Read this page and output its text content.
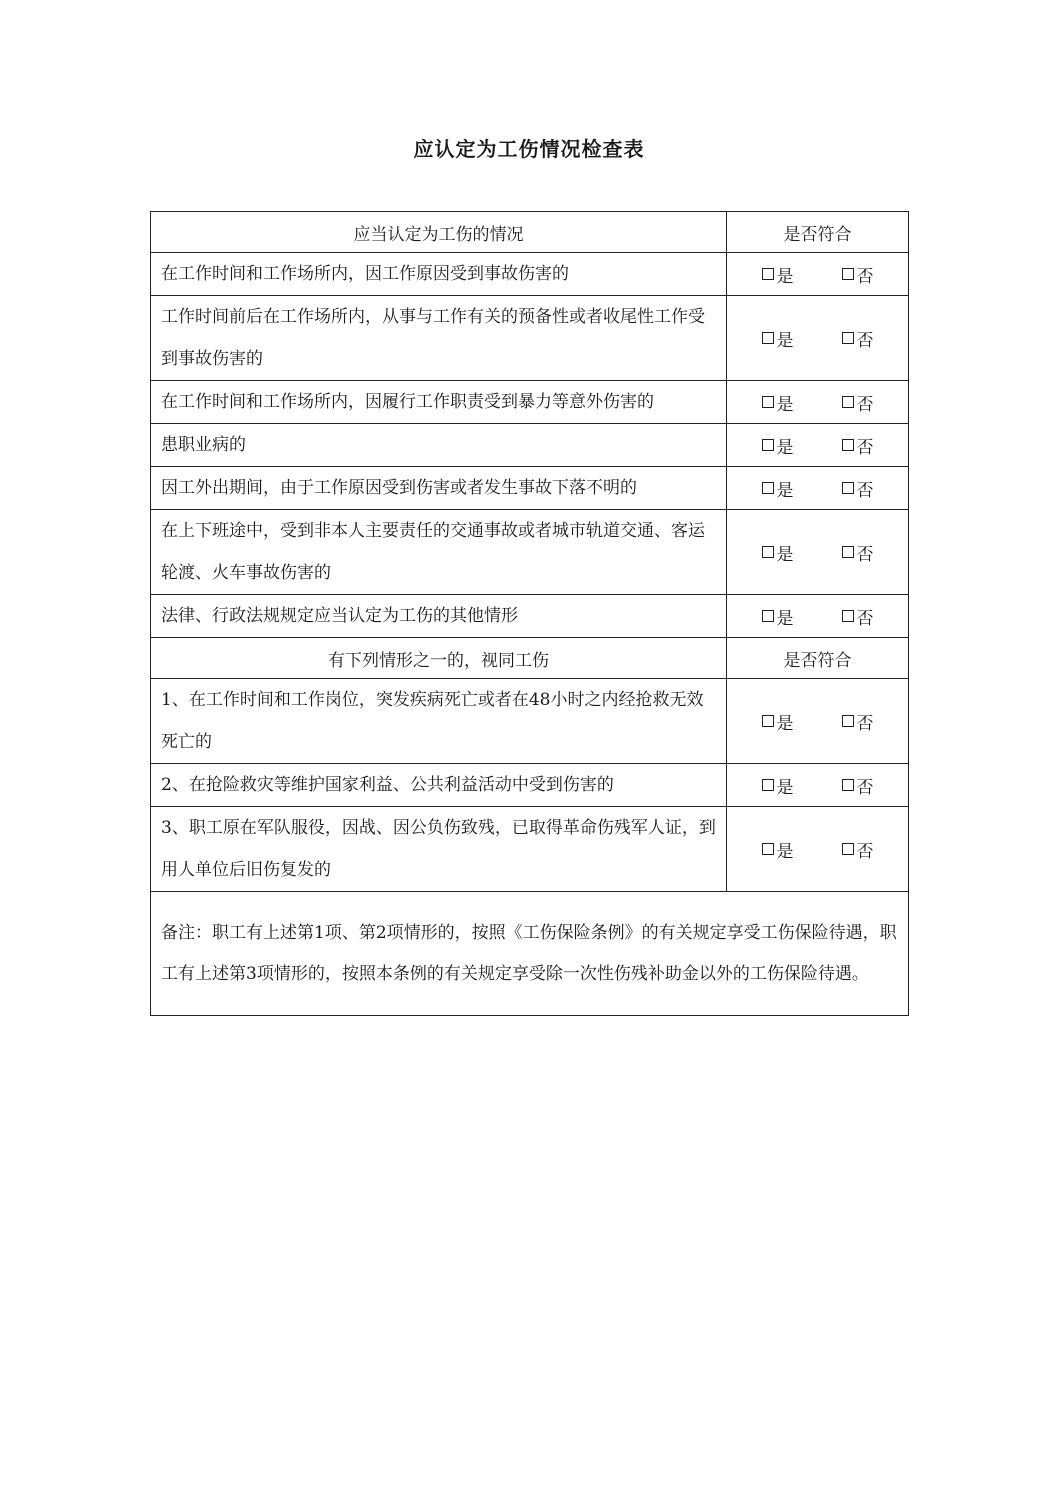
应认定为工伤情况检查表
应当认定为工伤的情况	是否符合
在工作时间和工作场所内，因工作原因受到事故伤害的	是 否

工作时间前后在工作场所内，从事与工作有关的预备性或者收尾性工作受到事故伤害的	是 否

在工作时间和工作场所内，因履行工作职责受到暴力等意外伤害的	是 否

患职业病的	是 否

因工外出期间，由于工作原因受到伤害或者发生事故下落不明的	是 否

在上下班途中，受到非本人主要责任的交通事故或者城市轨道交通、客运轮渡、火车事故伤害的	是 否

法律、行政法规规定应当认定为工伤的其他情形	是 否

有下列情形之一的，视同工伤	是否符合
1、在工作时间和工作岗位，突发疾病死亡或者在48小时之内经抢救无效死亡的	是 否

2、在抢险救灾等维护国家利益、公共利益活动中受到伤害的	是 否

3、职工原在军队服役，因战、因公负伤致残，已取得革命伤残军人证，到用人单位后旧伤复发的	是 否

备注：职工有上述第1项、第2项情形的，按照《工伤保险条例》的有关规定享受工伤保险待遇，职工有上述第3项情形的，按照本条例的有关规定享受除一次性伤残补助金以外的工伤保险待遇。	
